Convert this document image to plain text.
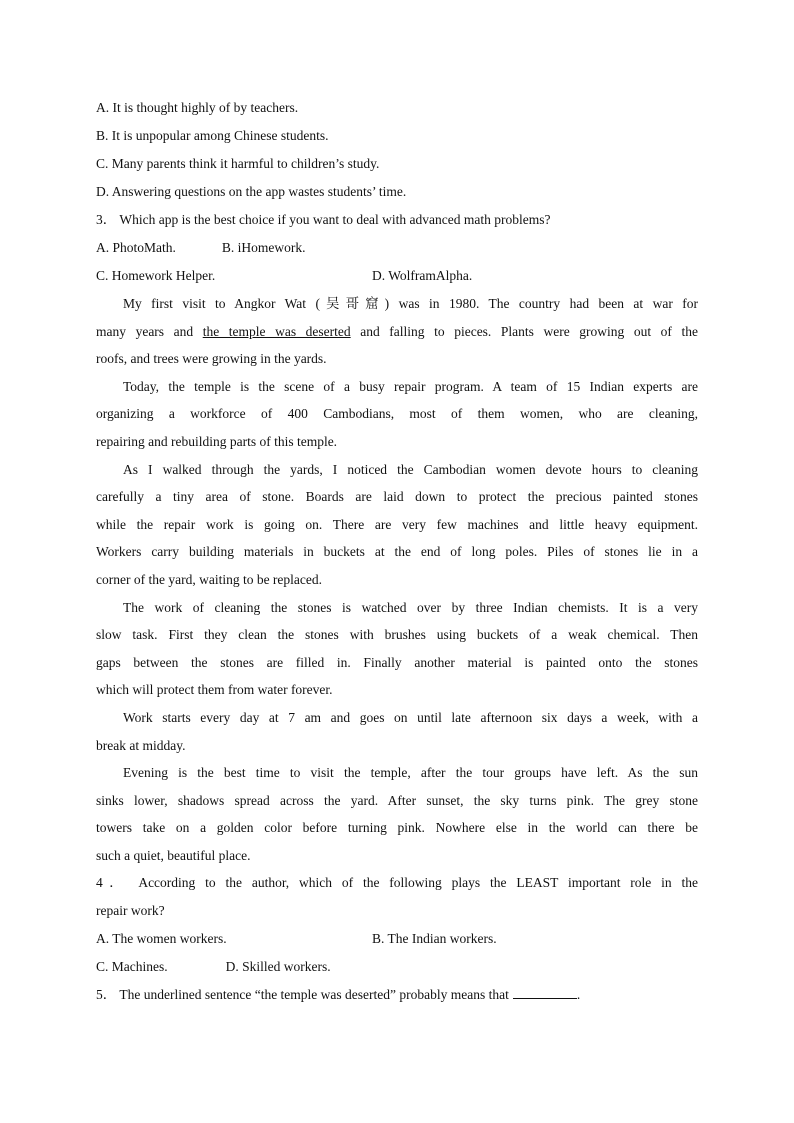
A. It is thought highly of by teachers.
B. It is unpopular among Chinese students.
C. Many parents think it harmful to children’s study.
D. Answering questions on the app wastes students’ time.
3． Which app is the best choice if you want to deal with advanced math problems?
A. PhotoMath.	B. iHomework.
C. Homework Helper.	D. WolframAlpha.
My first visit to Angkor Wat (吴哥窟) was in 1980. The country had been at war for
many years and the temple was deserted and falling to pieces. Plants were growing out of the
roofs, and trees were growing in the yards.
Today, the temple is the scene of a busy repair program. A team of 15 Indian experts are
organizing a workforce of 400 Cambodians, most of them women, who are cleaning,
repairing and rebuilding parts of this temple.
As I walked through the yards, I noticed the Cambodian women devote hours to cleaning
carefully a tiny area of stone. Boards are laid down to protect the precious painted stones
while the repair work is going on. There are very few machines and little heavy equipment.
Workers carry building materials in buckets at the end of long poles. Piles of stones lie in a
corner of the yard, waiting to be replaced.
The work of cleaning the stones is watched over by three Indian chemists. It is a very
slow task. First they clean the stones with brushes using buckets of a weak chemical. Then
gaps between the stones are filled in. Finally another material is painted onto the stones
which will protect them from water forever.
Work starts every day at 7 am and goes on until late afternoon six days a week, with a
break at midday.
Evening is the best time to visit the temple, after the tour groups have left. As the sun
sinks lower, shadows spread across the yard. After sunset, the sky turns pink. The grey stone
towers take on a golden color before turning pink. Nowhere else in the world can there be
such a quiet, beautiful place.
4． According to the author, which of the following plays the LEAST important role in the
repair work?
A. The women workers.	B. The Indian workers.
C. Machines.	D. Skilled workers.
5． The underlined sentence “the temple was deserted” probably means that	.
